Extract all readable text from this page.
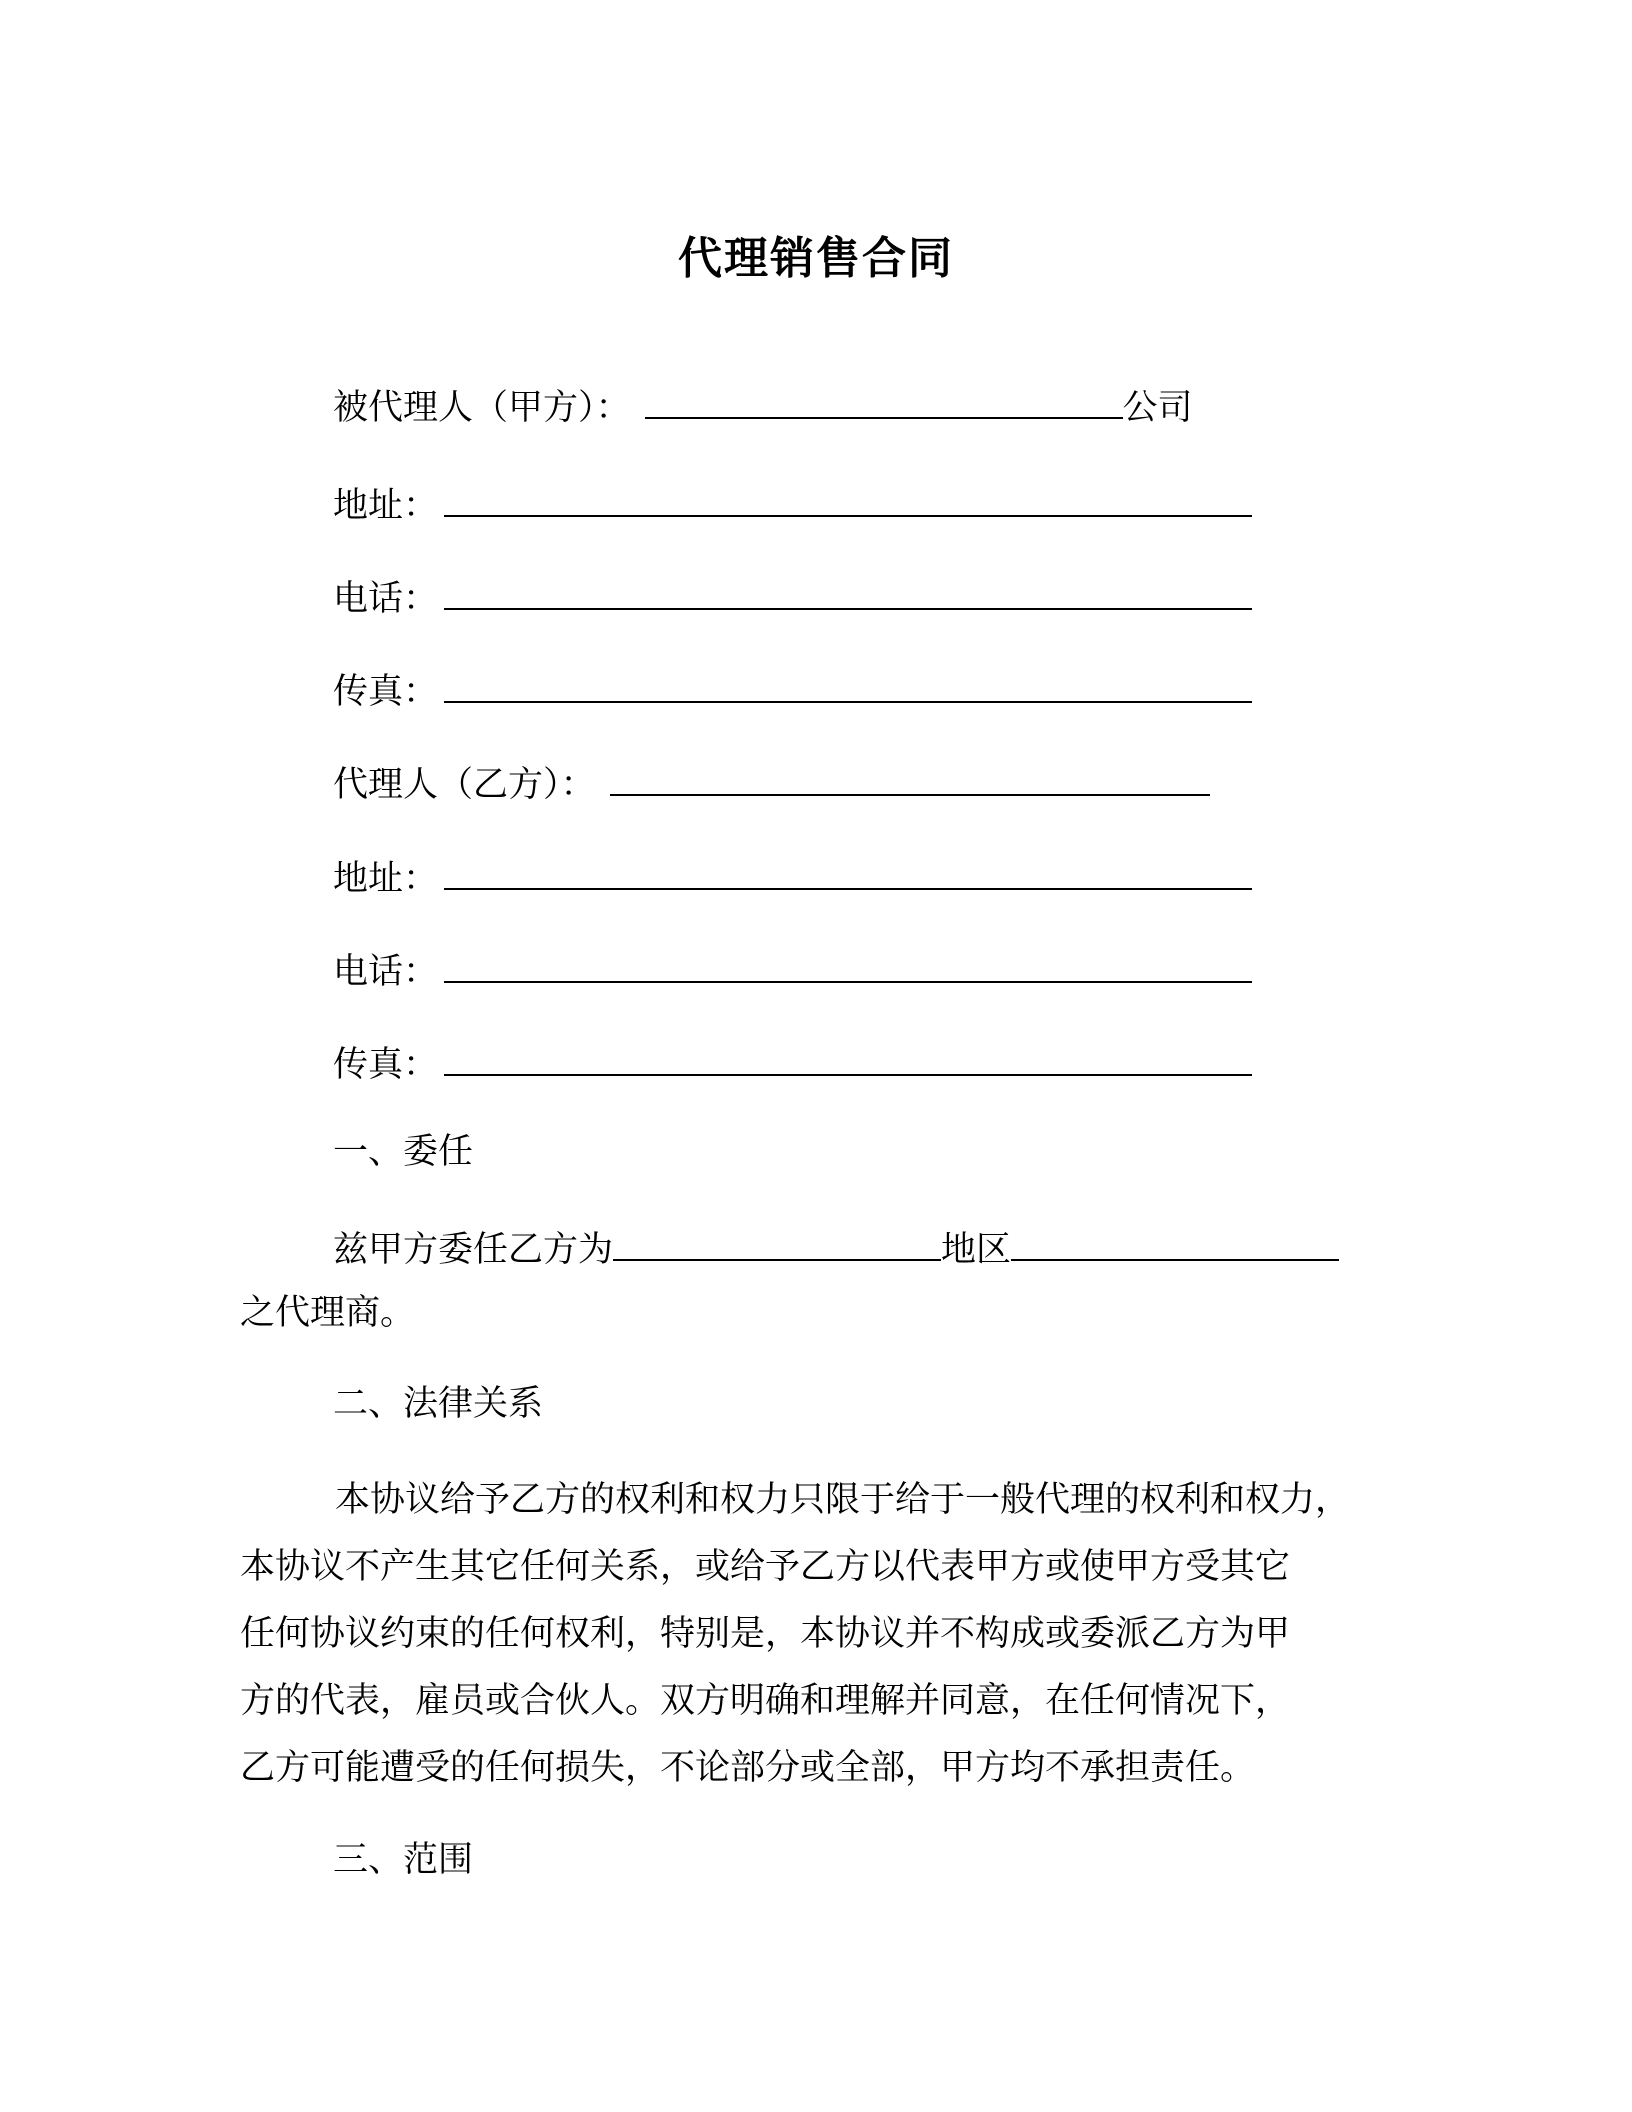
代理销售合同
被代理人（甲方）：	公司
地址：
电话：
传真：
代理人（乙方）：
地址：
电话：
传真：
一、委任
兹甲方委任乙方为	地区
之代理商。
二、法律关系
本协议给予乙方的权利和权力只限于给于一般代理的权利和权力，
本协议不产生其它任何关系，或给予乙方以代表甲方或使甲方受其它
任何协议约束的任何权利，特别是，本协议并不构成或委派乙方为甲
方的代表，雇员或合伙人。双方明确和理解并同意，在任何情况下，
乙方可能遭受的任何损失，不论部分或全部，甲方均不承担责任。
三、范围
